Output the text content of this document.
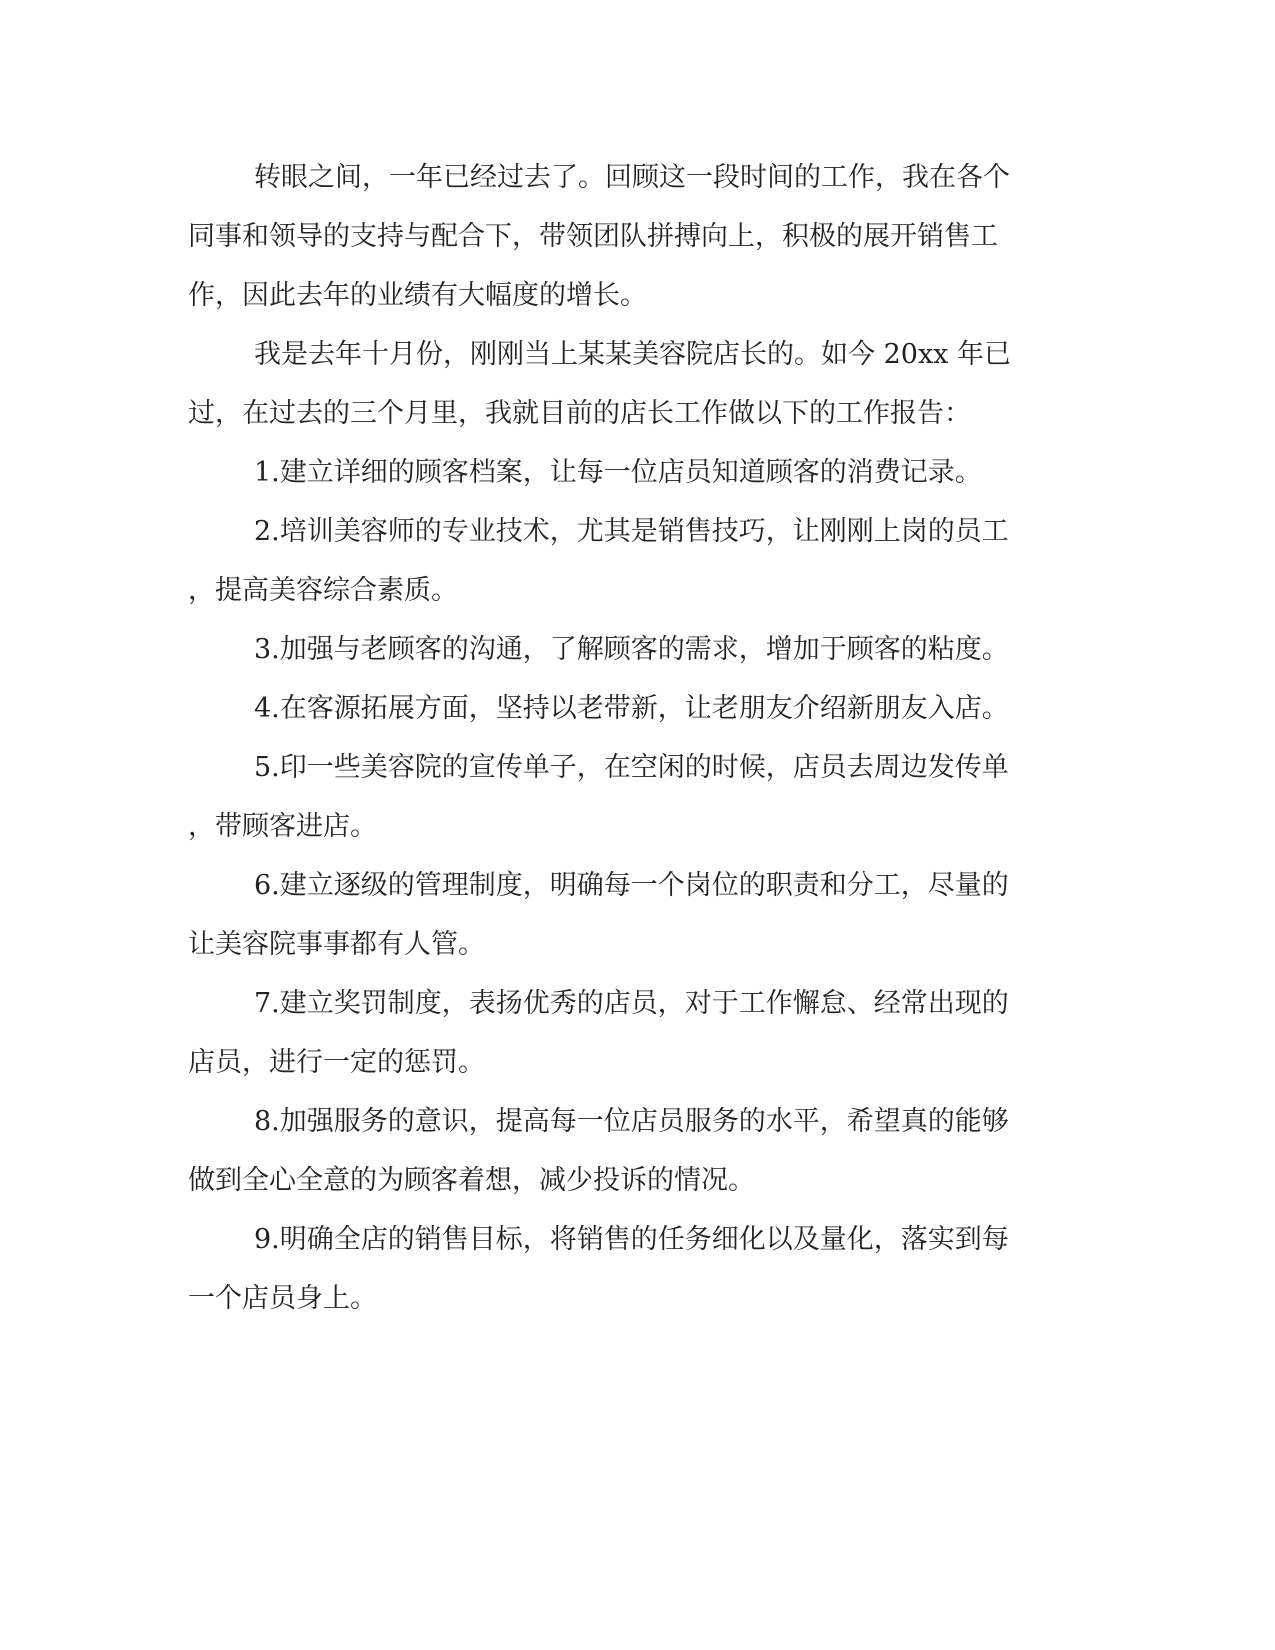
转眼之间，一年已经过去了。回顾这一段时间的工作，我在各个
同事和领导的支持与配合下，带领团队拼搏向上，积极的展开销售工
作，因此去年的业绩有大幅度的增长。
我是去年十月份，刚刚当上某某美容院店长的。如今 20xx 年已
过，在过去的三个月里，我就目前的店长工作做以下的工作报告：
1.建立详细的顾客档案，让每一位店员知道顾客的消费记录。
2.培训美容师的专业技术，尤其是销售技巧，让刚刚上岗的员工
，提高美容综合素质。
3.加强与老顾客的沟通，了解顾客的需求，增加于顾客的粘度。
4.在客源拓展方面，坚持以老带新，让老朋友介绍新朋友入店。
5.印一些美容院的宣传单子，在空闲的时候，店员去周边发传单
，带顾客进店。
6.建立逐级的管理制度，明确每一个岗位的职责和分工，尽量的
让美容院事事都有人管。
7.建立奖罚制度，表扬优秀的店员，对于工作懈怠、经常出现的
店员，进行一定的惩罚。
8.加强服务的意识，提高每一位店员服务的水平，希望真的能够
做到全心全意的为顾客着想，减少投诉的情况。
9.明确全店的销售目标，将销售的任务细化以及量化，落实到每
一个店员身上。
